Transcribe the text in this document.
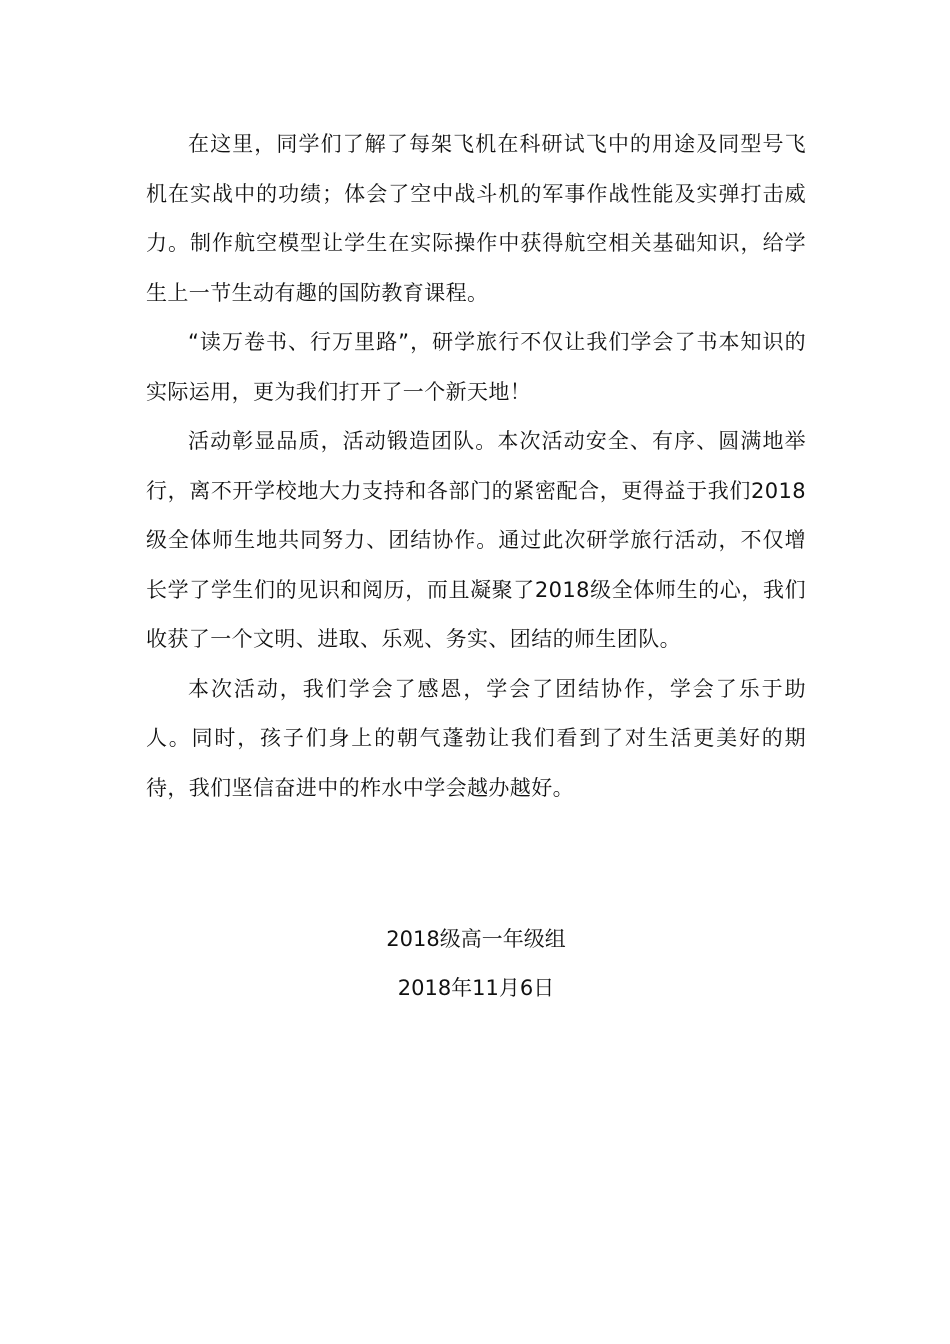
在这里，同学们了解了每架飞机在科研试飞中的用途及同型号飞机在实战中的功绩；体会了空中战斗机的军事作战性能及实弹打击威力。制作航空模型让学生在实际操作中获得航空相关基础知识，给学生上一节生动有趣的国防教育课程。

“读万卷书、行万里路”，研学旅行不仅让我们学会了书本知识的实际运用，更为我们打开了一个新天地！

活动彰显品质，活动锻造团队。本次活动安全、有序、圆满地举行，离不开学校地大力支持和各部门的紧密配合，更得益于我们2018级全体师生地共同努力、团结协作。通过此次研学旅行活动，不仅增长学了学生们的见识和阅历，而且凝聚了2018级全体师生的心，我们收获了一个文明、进取、乐观、务实、团结的师生团队。

本次活动，我们学会了感恩，学会了团结协作，学会了乐于助人。同时，孩子们身上的朝气蓬勃让我们看到了对生活更美好的期待，我们坚信奋进中的柞水中学会越办越好。

2018级高一年级组

2018年11月6日
